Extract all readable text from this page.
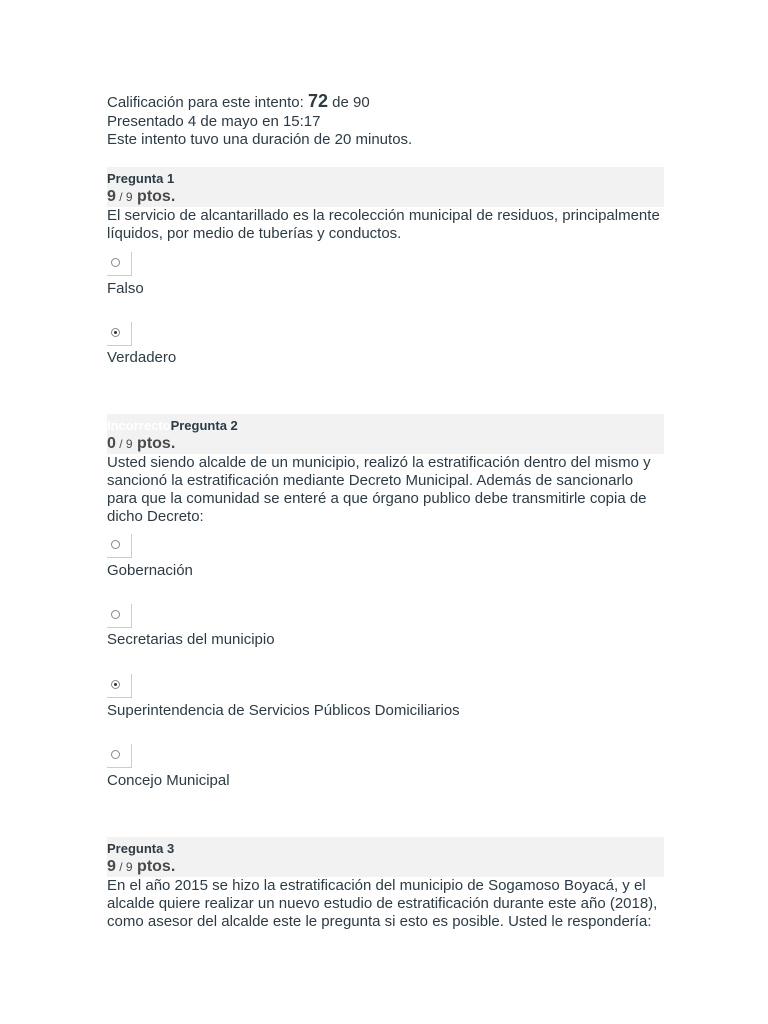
Calificación para este intento: 72 de 90
Presentado 4 de mayo en 15:17
Este intento tuvo una duración de 20 minutos.
Pregunta 1
9 / 9 ptos.
El servicio de alcantarillado es la recolección municipal de residuos, principalmente líquidos, por medio de tuberías y conductos.
Falso
Verdadero
IncorrectoPregunta 2
0 / 9 ptos.
Usted siendo alcalde de un municipio, realizó la estratificación dentro del mismo y sancionó la estratificación mediante Decreto Municipal. Además de sancionarlo para que la comunidad se enteré a que órgano publico debe transmitirle copia de dicho Decreto:
Gobernación
Secretarias del municipio
Superintendencia de Servicios Públicos Domiciliarios
Concejo Municipal
Pregunta 3
9 / 9 ptos.
En el año 2015 se hizo la estratificación del municipio de Sogamoso Boyacá, y el alcalde quiere realizar un nuevo estudio de estratificación durante este año (2018), como asesor del alcalde este le pregunta si esto es posible. Usted le respondería:
